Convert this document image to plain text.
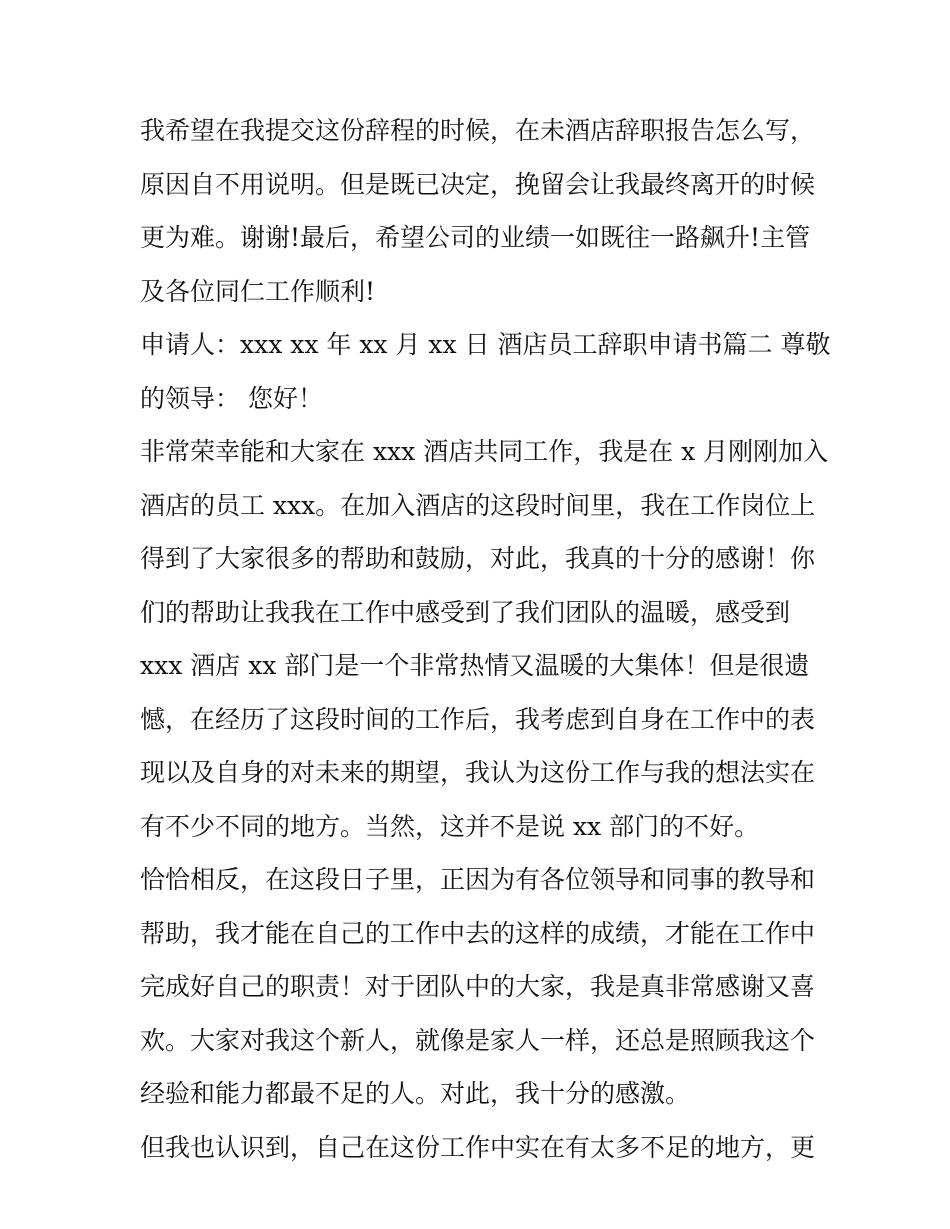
我希望在我提交这份辞程的时候，在未酒店辞职报告怎么写，
原因自不用说明。但是既已决定，挽留会让我最终离开的时候
更为难。谢谢!最后，希望公司的业绩一如既往一路飙升!主管
及各位同仁工作顺利!
申请人：xxx xx 年 xx 月 xx 日 酒店员工辞职申请书篇二 尊敬
的领导： 您好！
非常荣幸能和大家在 xxx 酒店共同工作，我是在 x 月刚刚加入
酒店的员工 xxx。在加入酒店的这段时间里，我在工作岗位上
得到了大家很多的帮助和鼓励，对此，我真的十分的感谢！你
们的帮助让我我在工作中感受到了我们团队的温暖，感受到
xxx 酒店 xx 部门是一个非常热情又温暖的大集体！但是很遗
憾，在经历了这段时间的工作后，我考虑到自身在工作中的表
现以及自身的对未来的期望，我认为这份工作与我的想法实在
有不少不同的地方。当然，这并不是说 xx 部门的不好。
恰恰相反，在这段日子里，正因为有各位领导和同事的教导和
帮助，我才能在自己的工作中去的这样的成绩，才能在工作中
完成好自己的职责！对于团队中的大家，我是真非常感谢又喜
欢。大家对我这个新人，就像是家人一样，还总是照顾我这个
经验和能力都最不足的人。对此，我十分的感激。
但我也认识到，自己在这份工作中实在有太多不足的地方，更
